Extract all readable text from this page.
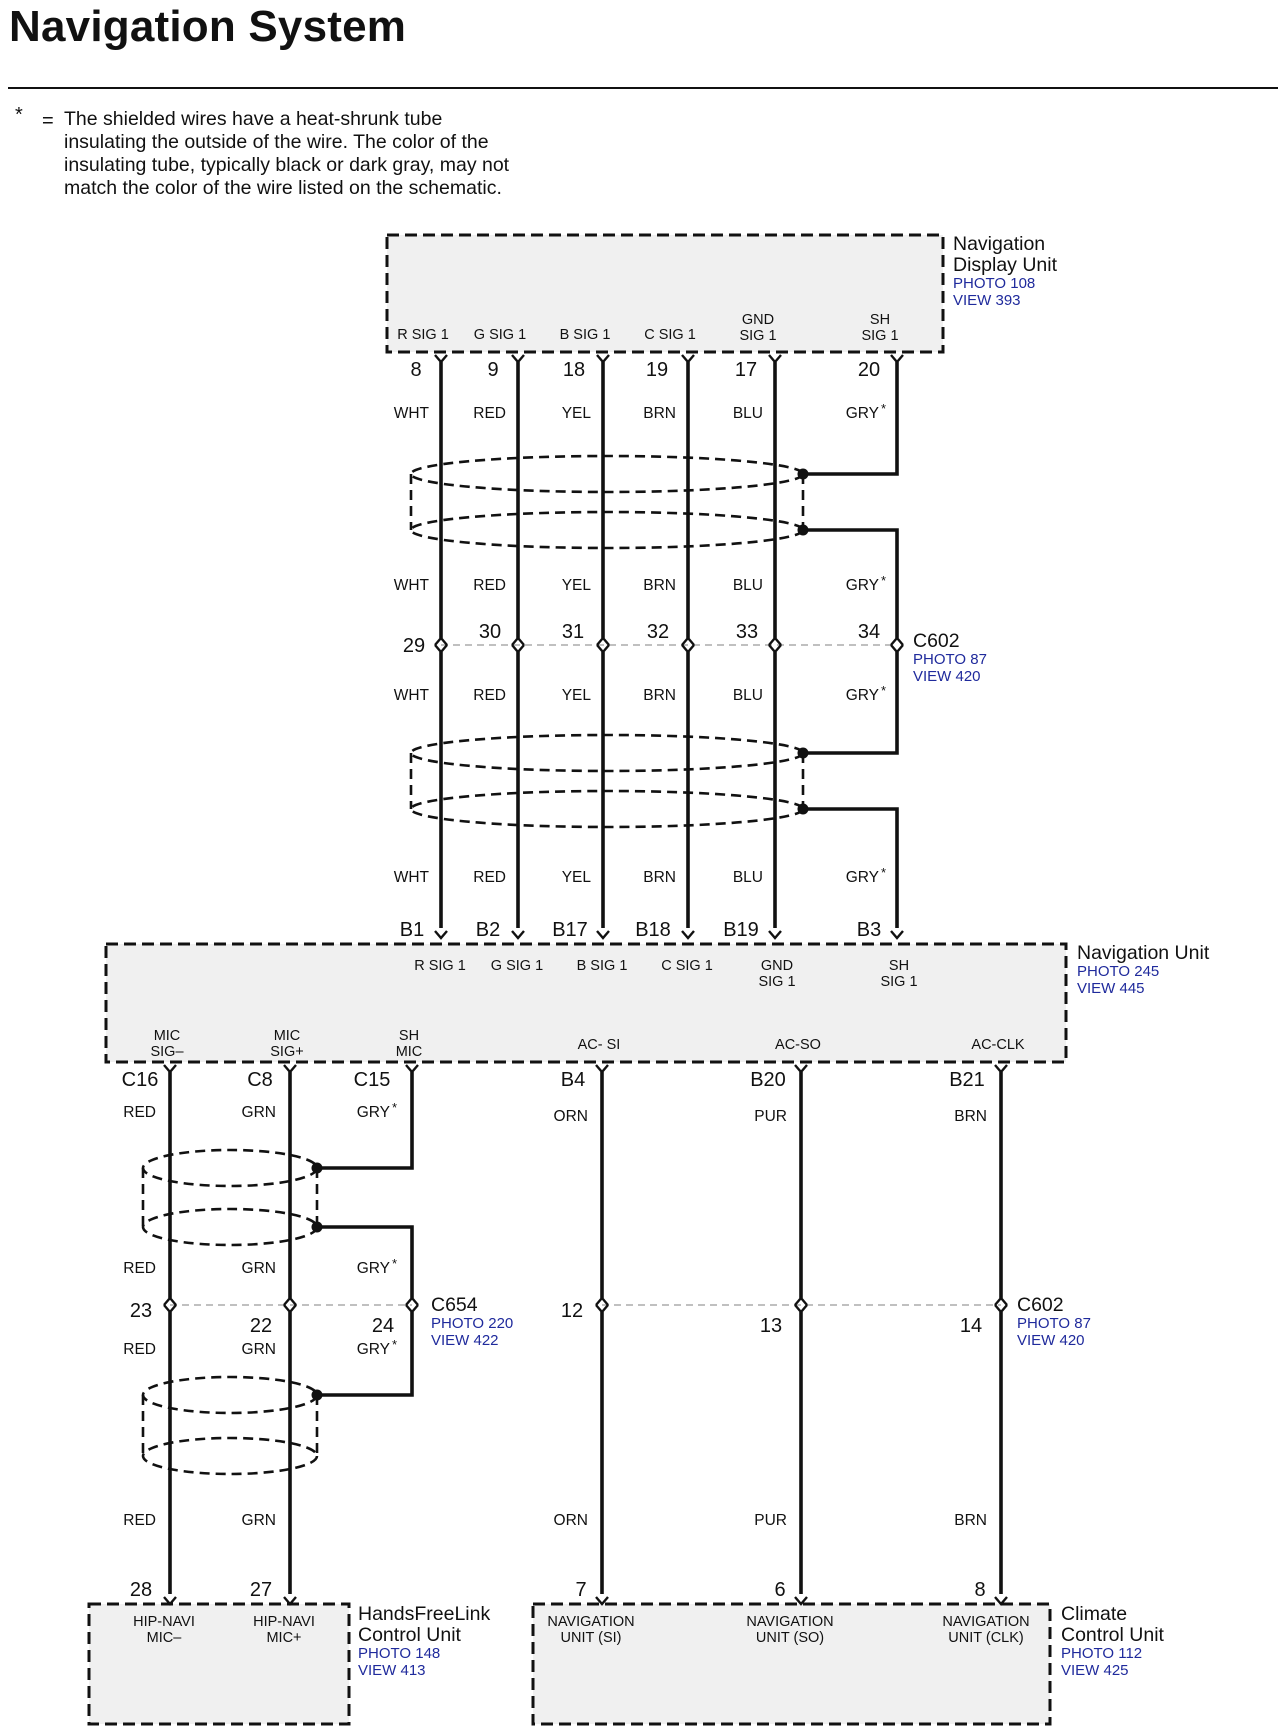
Navigation System
* = The shielded wires have a heat-shrunk tube
insulating the outside of the wire. The color of the
insulating tube, typically black or dark gray, may not
match the color of the wire listed on the schematic.
Navigation
Display Unit
PHOTO 108
VIEW 393
Navigation Unit
PHOTO 245
VIEW 445
HandsFreeLink
Control Unit
PHOTO 148
VIEW 413
Climate
Control Unit
PHOTO 112
VIEW 425
R SIG 1
8
29
B1
R SIG 1
WHT
WHT
WHT
WHT
G SIG 1
9
30
B2
G SIG 1
RED
RED
RED
RED
B SIG 1
18
31
B17
B SIG 1
YEL
YEL
YEL
YEL
C SIG 1
19
32
B18
C SIG 1
BRN
BRN
BRN
BRN
GND
SIG 1
17
33
B19
GND
SIG 1
BLU
BLU
BLU
BLU
SH
SIG 1
20
34
B3
SH
SIG 1
GRY *
GRY *
GRY *
GRY *
C602
PHOTO 87
VIEW 420
MIC
SIG–
C16
23
RED
RED
RED
RED
28
HIP-NAVI
MIC–
MIC
SIG+
C8
22
GRN
GRN
GRN
GRN
27
HIP-NAVI
MIC+
SH
MIC
C15
24
GRY *
GRY *
GRY *
C654
PHOTO 220
VIEW 422
AC- SI
B4
12
7
NAVIGATION
UNIT (SI)
ORN
ORN
AC-SO
B20
13
6
NAVIGATION
UNIT (SO)
PUR
PUR
AC-CLK
B21
14
8
NAVIGATION
UNIT (CLK)
BRN
BRN
C602
PHOTO 87
VIEW 420
